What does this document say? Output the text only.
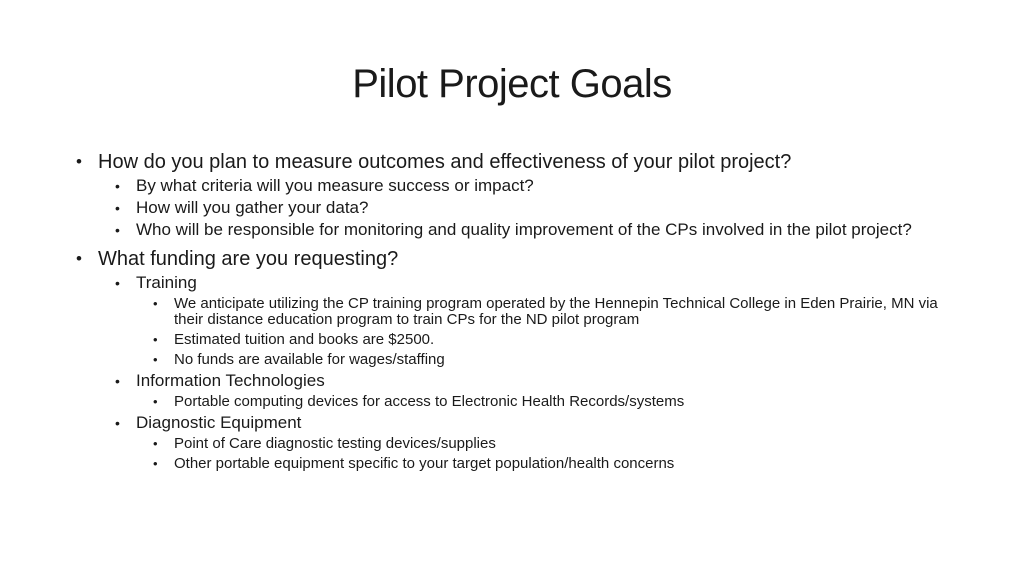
Pilot Project Goals
• How do you plan to measure outcomes and effectiveness of your pilot project?
• By what criteria will you measure success or impact?
• How will you gather your data?
• Who will be responsible for monitoring and quality improvement of the CPs involved in the pilot project?
• What funding are you requesting?
• Training
• We anticipate utilizing the CP training program operated by the Hennepin Technical College in Eden Prairie, MN via their distance education program to train CPs for the ND pilot program
• Estimated tuition and books are $2500.
• No funds are available for wages/staffing
• Information Technologies
• Portable computing devices for access to Electronic Health Records/systems
• Diagnostic Equipment
• Point of Care diagnostic testing devices/supplies
• Other portable equipment specific to your target population/health concerns
